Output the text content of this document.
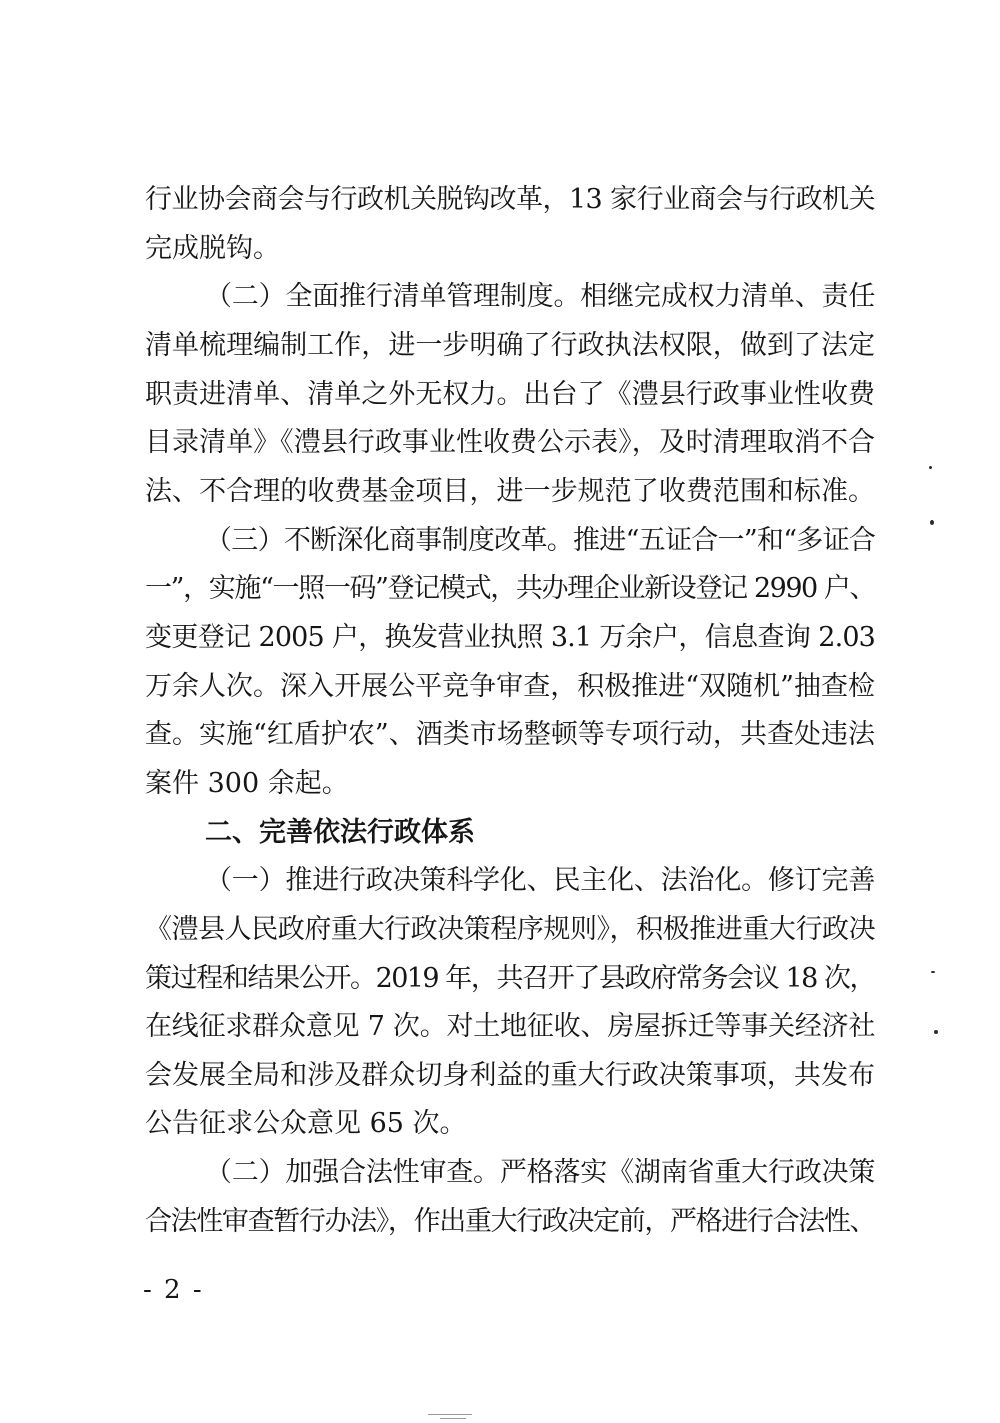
行业协会商会与行政机关脱钩改革，13 家行业商会与行政机关
完成脱钩。
（二）全面推行清单管理制度。相继完成权力清单、责任
清单梳理编制工作，进一步明确了行政执法权限，做到了法定
职责进清单、清单之外无权力。出台了《澧县行政事业性收费
目录清单》《澧县行政事业性收费公示表》，及时清理取消不合
法、不合理的收费基金项目，进一步规范了收费范围和标准。
（三）不断深化商事制度改革。推进“五证合一”和“多证合
一”，实施“一照一码”登记模式，共办理企业新设登记 2990 户、
变更登记 2005 户，换发营业执照 3.1 万余户，信息查询 2.03
万余人次。深入开展公平竞争审查，积极推进“双随机”抽查检
查。实施“红盾护农”、酒类市场整顿等专项行动，共查处违法
案件 300 余起。
二、完善依法行政体系
（一）推进行政决策科学化、民主化、法治化。修订完善
《澧县人民政府重大行政决策程序规则》，积极推进重大行政决
策过程和结果公开。2019 年，共召开了县政府常务会议 18 次，
在线征求群众意见 7 次。对土地征收、房屋拆迁等事关经济社
会发展全局和涉及群众切身利益的重大行政决策事项，共发布
公告征求公众意见 65 次。
（二）加强合法性审查。严格落实《湖南省重大行政决策
合法性审查暂行办法》，作出重大行政决定前，严格进行合法性、
- 2 -
